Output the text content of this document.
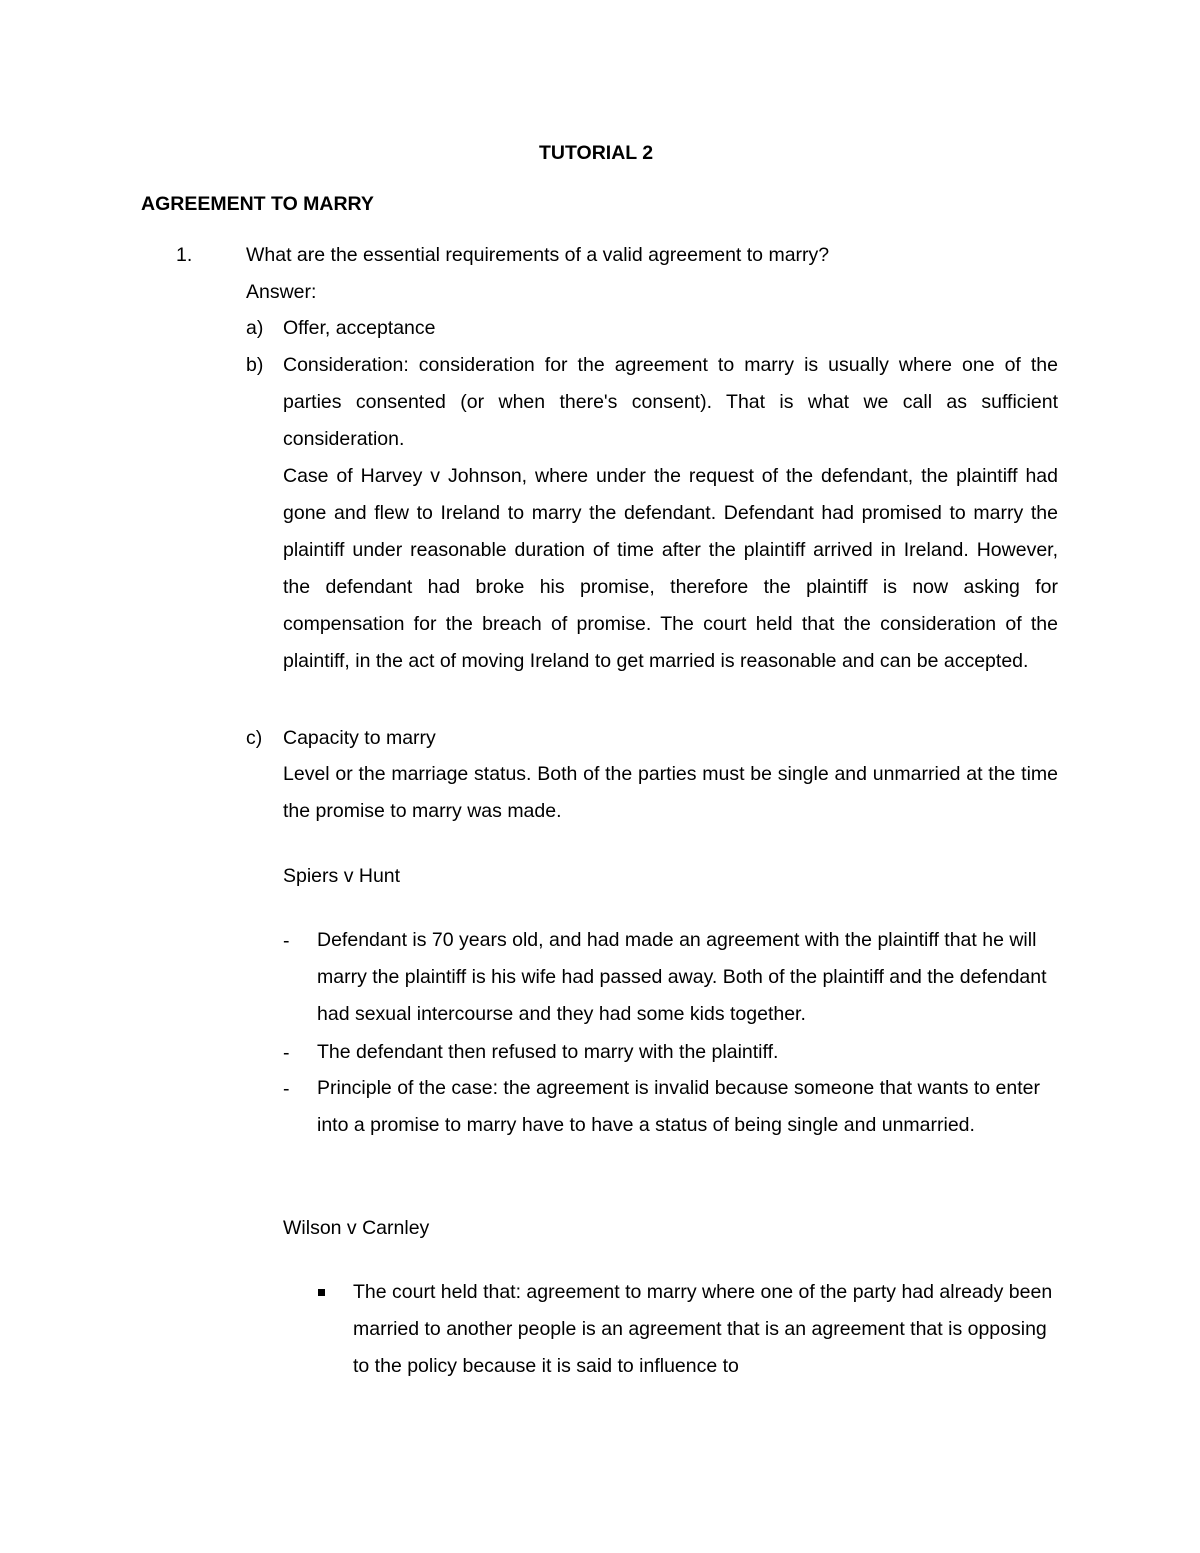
TUTORIAL 2
AGREEMENT TO MARRY
1.	What are the essential requirements of a valid agreement to marry?
Answer:
a) Offer, acceptance
b) Consideration: consideration for the agreement to marry is usually where one of the parties consented (or when there's consent). That is what we call as sufficient consideration.
Case of Harvey v Johnson, where under the request of the defendant, the plaintiff had gone and flew to Ireland to marry the defendant. Defendant had promised to marry the plaintiff under reasonable duration of time after the plaintiff arrived in Ireland. However, the defendant had broke his promise, therefore the plaintiff is now asking for compensation for the breach of promise. The court held that the consideration of the plaintiff, in the act of moving Ireland to get married is reasonable and can be accepted.
c) Capacity to marry
Level or the marriage status. Both of the parties must be single and unmarried at the time the promise to marry was made.
Spiers v Hunt
- Defendant is 70 years old, and had made an agreement with the plaintiff that he will marry the plaintiff is his wife had passed away. Both of the plaintiff and the defendant had sexual intercourse and they had some kids together.
- The defendant then refused to marry with the plaintiff.
- Principle of the case: the agreement is invalid because someone that wants to enter into a promise to marry have to have a status of being single and unmarried.
Wilson v Carnley
The court held that: agreement to marry where one of the party had already been married to another people is an agreement that is an agreement that is opposing to the policy because it is said to influence to
